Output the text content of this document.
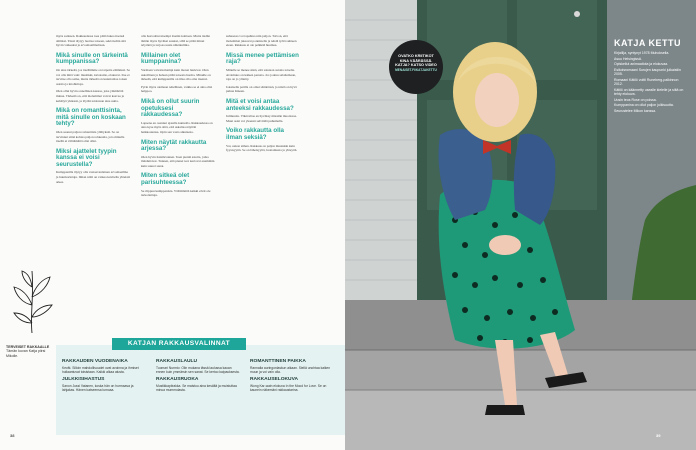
myös sadusen. Rakkaudessa taas pitää lukea itsensä alttiiksi. Tässä täytyy luottaa toiseen, sekä tiedän sitä hyvin vaikeaksi ja arvomaailmaltaan.

Mikä sinulle on tärkeintä kumppanissa?

On aina tärkeää, jos itsellämme on tarpeita elämässä. Se voi olla mitä vain: musiikki, kuvataide, elokuvat. Itse ei tarvitse olla sama, mutta tärkeää on kunnioittaa toisen asioita ja intohimoja.

Olen ollut hyvin onnellinen kanssa, joka ymmärtää minua. Tärkeää on, että molemmat voivat kasvaa ja kehittyä yhdessä, ja löytää toisistaan aina uutta.

Mikä on romanttisinta, mitä sinulle on koskaan tehty?

Olen saanut paljon romanttisia yllätyksiä. Se on tarvinnut siinä kohtaa paljon rohkeutta, jota minulla itsellä ei välttämättä olisi ollut.

Miksi ajattelet tyypin kanssa ei voisi seurustella?

Kumppanilla täytyy olla vastaavanlainen arvomaailma ja huumorintaju. Ilman niitä on vaikea kuvitella yhteistä arkea.

olla haavoittuvaisempi itseäni kohtaan. Mutta tiedän tämän myös hyväksi asiaksi, sillä se pitää minut nöyränä ja tarjoaa uusia näkökulmia.

Millainen olet kumppanina?

Varmaan vaivattomampi kuin monet luulevat. Olen uskollinen ja haluan pitää toisesta huolta. Minulle on tärkeää, että kumppanilla on tilaa olla oma itsensä.

Pyrin myös olemaan rehellinen, vaikka se ei aina olisi helppoa.

Mikä on ollut suurin opetuksesi rakkaudessa?

Lapsena en osannut ajatella kunnolla. Rakkaudessa on aina kyse myös siitä, että uskaltaa näyttää heikkoutensa. Opin sen vasta aikuisena.

Miten näytät rakkautta arjessa?

Olen hyvin halailevainen. Teen pieniä asioita, jotka ilahduttavat. Tunnen, että pienet teot kertovat enemmän kuin suuret sanat.

Miten sitkeä olet parisuhteessa?

Se riippuu kumppanista. Välttämättä kaikki eivät ole tarkoitettuja.

suhteessa voi tapahtua niin paljon. Toivon, että molemmat jaksavat ponnistella ja tehdä työtä suhteen eteen. Rakkaus ei ole pelkkää huumaa.

Missä menee pettämisen raja?

Minulle se menee siinä, että salataan asioita toiselta. Avoimuus on kaiken perusta. Jos joutuu salailemaan, raja on jo ylitetty.

Jokaisella parilla on omat sääntönsä, ja niistä on hyvä puhua ääneen.

Mitä et voisi antaa anteeksi rakkaudessa?

Julmuutta. Väkivaltaa en hyväksy missään muodossa. Muut asiat voi yleensä selvittää puhumalla.

Voiko rakkautta olla ilman seksiä?

Voi, uskon siihen. Rakkaus on paljon muutakin kuin fyysisyyttä. Se on läheisyyttä, luottamusta ja yhteyttä.

TERVEISET RAKKAALLE
Tämän kuvan Katja piirsi Mikolle.
KATJAN RAKKAUSVALINNAT
RAKKAUDEN VUODENAIKA

Kevät. Silloin mahdollisuudet ovat avoinna ja ihmiset hullaantuvat toisistaan. Kaikki alkaa alusta.

JULKKISIHASTUS

Sanon Jussi Vatanen, koska hän on hurmaava ja lahjakas. Hänen katseensa lumoaa.

RAKKAUSLAULU

Tuomari Nurmio: Olin mukana tässä laulussa kauan ennen kuin ymmärsin sen sanat. Se kertoo kaipauksesta.

RAKKAUSRUOKA

Mustikkapiirakka. Se maistuu aina kesältä ja muistuttaa minua mummolasta.

ROMANTTINEN PAIKKA

Rannalla auringonlaskun aikaan. Siellä unohtaa kaiken muun ja voi vain olla.

RAKKAUSELOKUVA

Wong Kar-wain elokuva In the Mood for Love. Se on kaunein näkemäni rakkaustarina.

38
OVATKO KRIITIKOT
KINA VÄÄRÄSSÄ.
KATJA? KATSO VIDEO
MENAISET.FI/KATJAKETTU
KATJA KETTU

Kirjailija, syntynyt 1978 Muhoksella.

Asuu Helsingissä.

Opiskellut animaatiota ja elokuvaa.

Esikoisromaani Surujen kaupunki julkaistiin 2005.

Romaani Kätilö voitti Runeberg-palkinnon 2012.

Kätilö on käännetty usealle kielelle ja siitä on tehty elokuva.

Uusin teos Rose on poissa.

Kumppanina on ollut paljon julkisuutta.

Seurustelee Mikon kanssa.

39
